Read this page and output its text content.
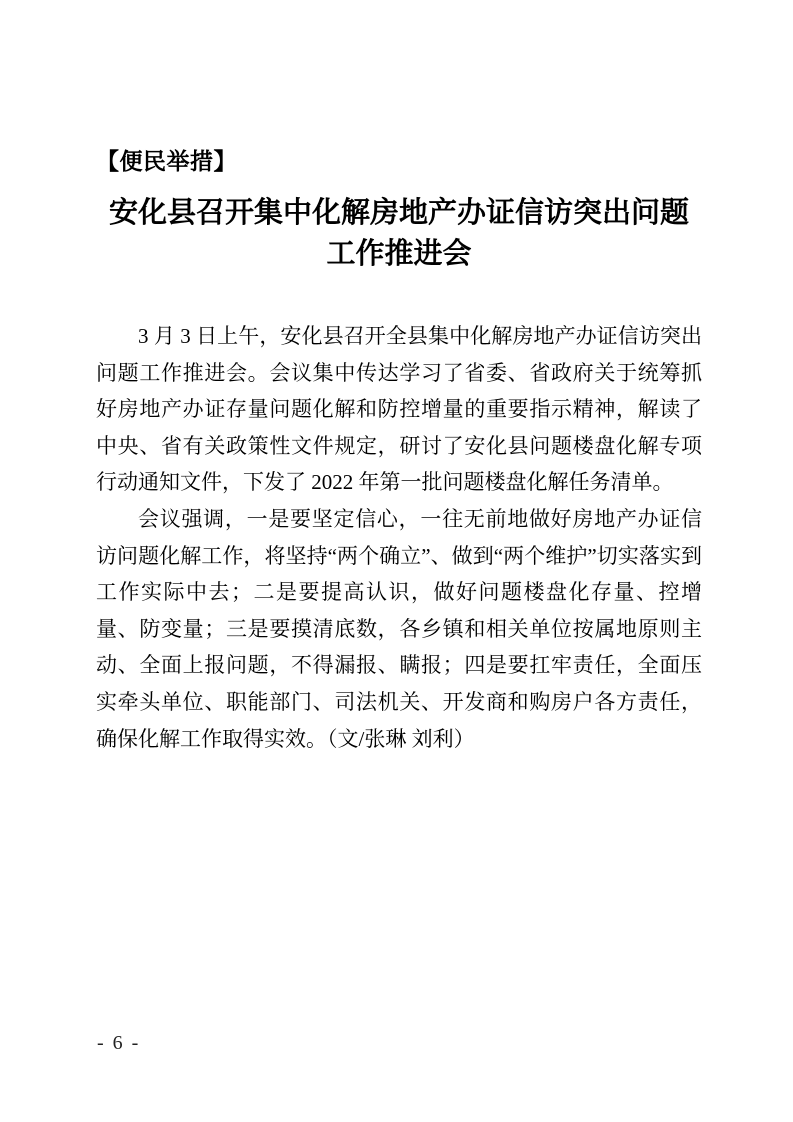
【便民举措】
安化县召开集中化解房地产办证信访突出问题
工作推进会

3 月 3 日上午，安化县召开全县集中化解房地产办证信访突出问题工作推进会。会议集中传达学习了省委、省政府关于统筹抓好房地产办证存量问题化解和防控增量的重要指示精神，解读了中央、省有关政策性文件规定，研讨了安化县问题楼盘化解专项行动通知文件，下发了 2022 年第一批问题楼盘化解任务清单。

会议强调，一是要坚定信心，一往无前地做好房地产办证信访问题化解工作，将坚持“两个确立”、做到“两个维护”切实落实到工作实际中去；二是要提高认识，做好问题楼盘化存量、控增量、防变量；三是要摸清底数，各乡镇和相关单位按属地原则主动、全面上报问题，不得漏报、瞒报；四是要扛牢责任，全面压实牵头单位、职能部门、司法机关、开发商和购房户各方责任，确保化解工作取得实效。（文/张琳 刘利）

- 6 -
